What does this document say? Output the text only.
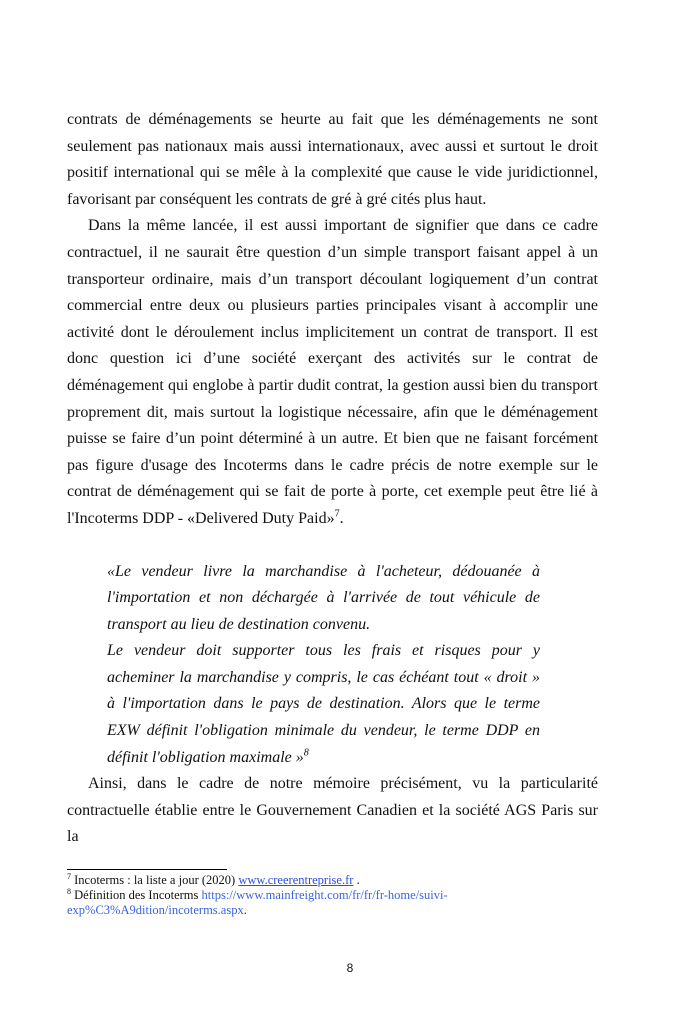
contrats de déménagements se heurte au fait que les déménagements ne sont seulement pas nationaux mais aussi internationaux, avec aussi et surtout le droit positif international qui se mêle à la complexité que cause le vide juridictionnel, favorisant par conséquent les contrats de gré à gré cités plus haut.

Dans la même lancée, il est aussi important de signifier que dans ce cadre contractuel, il ne saurait être question d’un simple transport faisant appel à un transporteur ordinaire, mais d’un transport découlant logiquement d’un contrat commercial entre deux ou plusieurs parties principales visant à accomplir une activité dont le déroulement inclus implicitement un contrat de transport. Il est donc question ici d’une société exerçant des activités sur le contrat de déménagement qui englobe à partir dudit contrat, la gestion aussi bien du transport proprement dit, mais surtout la logistique nécessaire, afin que le déménagement puisse se faire d’un point déterminé à un autre. Et bien que ne faisant forcément pas figure d'usage des Incoterms dans le cadre précis de notre exemple sur le contrat de déménagement qui se fait de porte à porte, cet exemple peut être lié à l'Incoterms DDP - «Delivered Duty Paid»$^7$.

«Le vendeur livre la marchandise à l'acheteur, dédouanée à l'importation et non déchargée à l'arrivée de tout véhicule de transport au lieu de destination convenu.
Le vendeur doit supporter tous les frais et risques pour y acheminer la marchandise y compris, le cas échéant tout « droit » à l'importation dans le pays de destination. Alors que le terme EXW définit l'obligation minimale du vendeur, le terme DDP en définit l'obligation maximale »$^8$

Ainsi, dans le cadre de notre mémoire précisément, vu la particularité contractuelle établie entre le Gouvernement Canadien et la société AGS Paris sur la

$^7$ Incoterms : la liste a jour (2020) www.creerentreprise.fr .
$^8$ Définition des Incoterms https://www.mainfreight.com/fr/fr/fr-home/suivi-
exp%C3%A9dition/incoterms.aspx.
8
